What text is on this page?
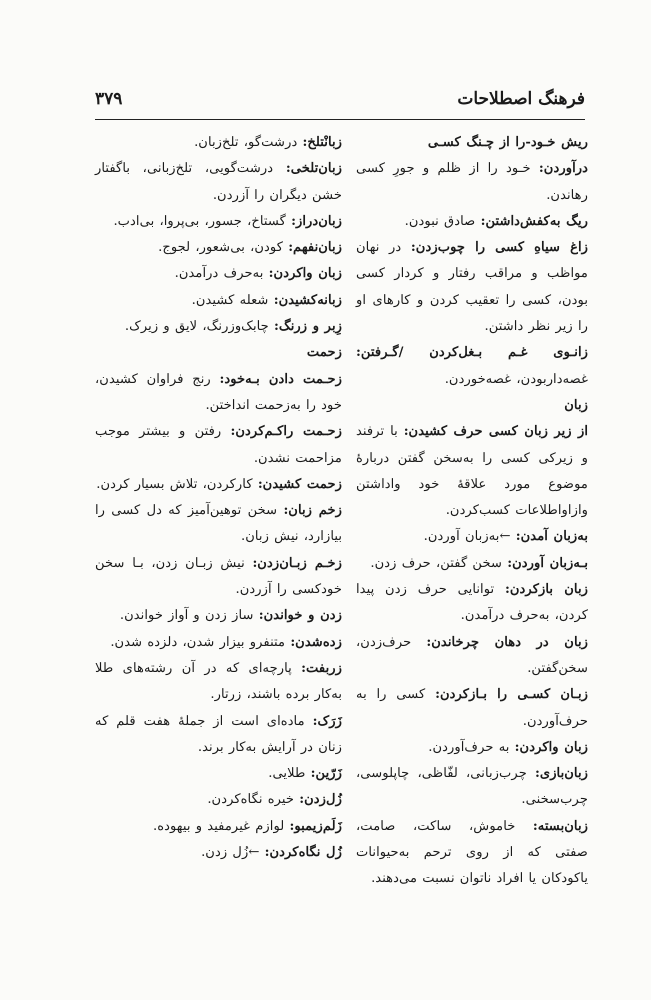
فرهنگ اصطلاحات
۳۷۹

ریش خـود-را از چـنگ کسـی

درآوردن: خـود را از ظلم و جورِ کسی رهاندن.

ریگ به‌کفش‌داشتن: صادق نبودن.

زاغ سیاهِ کسی را چوب‌زدن: در نهان مواظب و مراقب رفتار و کردار کسی بودن، کسی را تعقیب کردن و کارهای او را زیر نظر داشتن.

زانـوی غـم بـغل‌کردن /گـرفتن: غصه‌داربودن، غصه‌خوردن.

زبان

از زیر زبان کسی حرف کشیدن: با ترفند و زیرکی کسی را به‌سخن گفتن دربارهٔ موضوع مورد علاقهٔ خود واداشتن وازاواطلاعات کسب‌کردن.

به‌زبان آمدن: ←به‌زبان آوردن.

بـه‌زبان آوردن: سخن گفتن، حرف زدن.

زبان بازکردن: توانایی حرف زدن پیدا کردن، به‌حرف درآمدن.

زبان در دهان چرخاندن: حرف‌زدن، سخن‌گفتن.

زبـان کسـی را بـازکردن: کسی را به حرف‌آوردن.

زبان واکردن: به حرف‌آوردن.

زبان‌بازی: چرب‌زبانی، لفّاظی، چاپلوسی، چرب‌سخنی.

زبان‌بسته: خاموش، ساکت، صامت، صفتی که از روی ترحم به‌حیوانات یاکودکان یا افراد ناتوان نسبت می‌دهند.

زبانْتلخ: درشت‌گو، تلخ‌زبان.

زبان‌تلخی: درشت‌گویی، تلخ‌زبانی، باگفتار خشن دیگران را آزردن.

زبان‌دراز: گستاخ، جسور، بی‌پروا، بی‌ادب.

زبان‌نفهم: کودن، بی‌شعور، لجوج.

زبان واکردن: به‌حرف درآمدن.

زبانه‌کشیدن: شعله کشیدن.

زِبر و زرنگ: چابک‌وزرنگ، لایق و زیرک.

زحمت

زحـمت دادن بـه‌خود: رنج فراوان کشیدن، خود را به‌زحمت انداختن.

زحـمت راکـم‌کردن: رفتن و بیشتر موجب مزاحمت نشدن.

زحمت کشیدن: کارکردن، تلاش بسیار کردن.

زخم زبان: سخن توهین‌آمیز که دل کسی را بیازارد، نیش زبان.

زخـم زبـان‌زدن: نیش زبـان زدن، بـا سخن خودکسی را آزردن.

زدن و خواندن: ساز زدن و آواز خواندن.

زده‌شدن: متنفرو بیزار شدن، دلزده شدن.

زربفت: پارچه‌ای که در آن رشته‌های طلا به‌کار برده باشند، زرتار.

زَرَک: ماده‌ای است از جملهٔ هفت قلم که زنان در آرایش به‌کار برند.

زَرّین: طلایی.

زُل‌زدن: خیره نگاه‌کردن.

زَلَم‌زیمبو: لوازم غیرمفید و بیهوده.

زُل نگاه‌کردن: ←زُل زدن.
